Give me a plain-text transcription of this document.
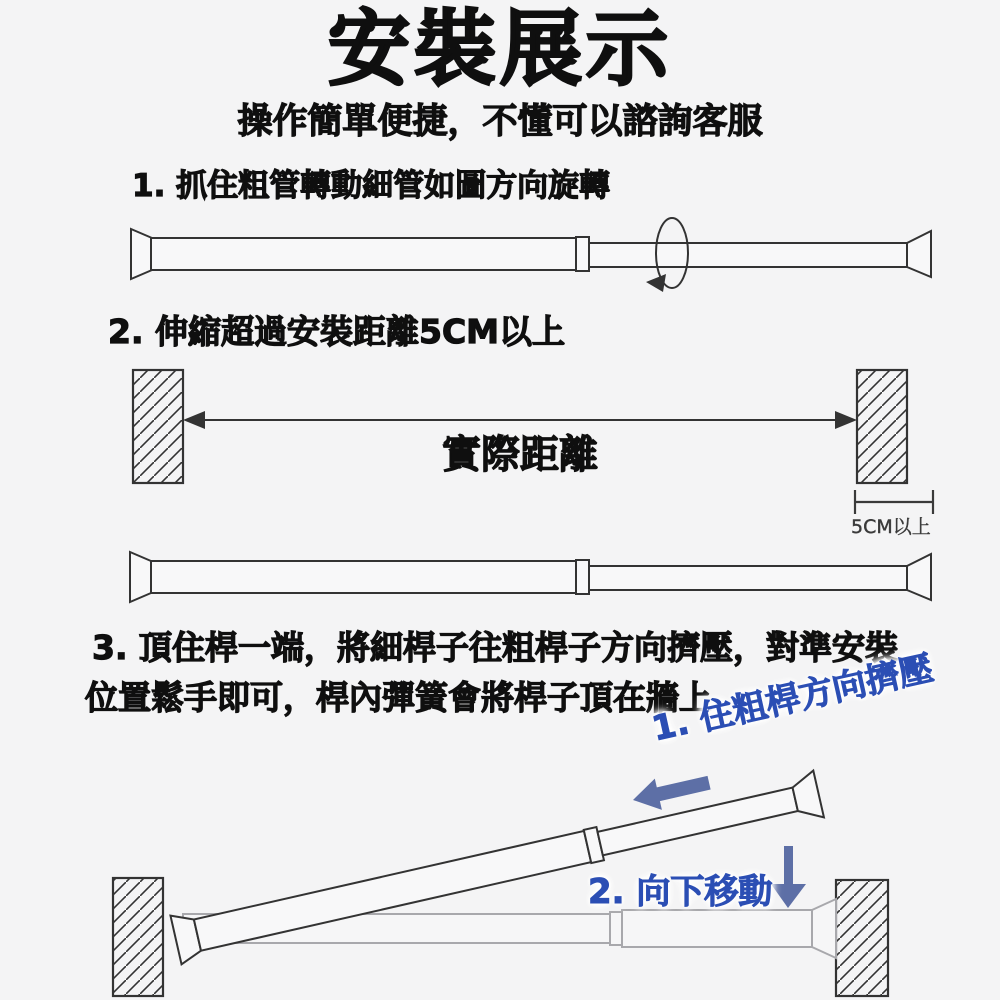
安裝展示
操作簡單便捷，不懂可以諮詢客服
1. 抓住粗管轉動細管如圖方向旋轉
2. 伸縮超過安裝距離5CM以上
實際距離
5CM以上
3. 頂住桿一端，將細桿子往粗桿子方向擠壓，對準安裝
位置鬆手即可，桿內彈簧會將桿子頂在牆上
1. 住粗桿方向擠壓
2. 向下移動
